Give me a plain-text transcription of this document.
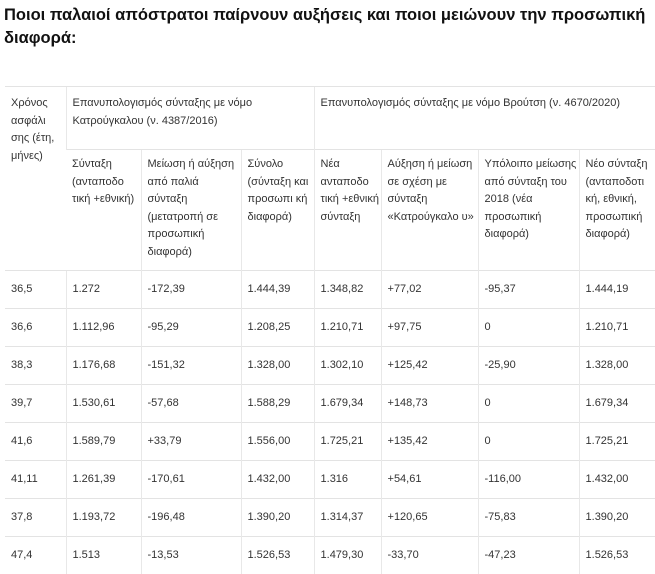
Ποιοι παλαιοί απόστρατοι παίρνουν αυξήσεις και ποιοι μειώνουν την προσωπική διαφορά:
Χρόνος ασφάλι σης (έτη, μήνες)	Επανυπολογισμός σύνταξης με νόμο Κατρούγκαλου (ν. 4387/2016)			Επανυπολογισμός σύνταξης με νόμο Βρούτση (ν. 4670/2020)			
	Σύνταξη (ανταποδο τική +εθνική)	Μείωση ή αύξηση από παλιά σύνταξη (μετατροπή σε προσωπική διαφορά)	Σύνολο (σύνταξη και προσωπι κή διαφορά)	Νέα ανταποδο τική +εθνική σύνταξη	Αύξηση ή μείωση σε σχέση με σύνταξη «Κατρούγκαλο υ»	Υπόλοιπο μείωσης από σύνταξη του 2018 (νέα προσωπική διαφορά)	Νέο σύνταξη (ανταποδοτι κή, εθνική, προσωπική διαφορά)
36,5	1.272	-172,39	1.444,39	1.348,82	+77,02	-95,37	1.444,19
36,6	1.112,96	-95,29	1.208,25	1.210,71	+97,75	0	1.210,71
38,3	1.176,68	-151,32	1.328,00	1.302,10	+125,42	-25,90	1.328,00
39,7	1.530,61	-57,68	1.588,29	1.679,34	+148,73	0	1.679,34
41,6	1.589,79	+33,79	1.556,00	1.725,21	+135,42	0	1.725,21
41,11	1.261,39	-170,61	1.432,00	1.316	+54,61	-116,00	1.432,00
37,8	1.193,72	-196,48	1.390,20	1.314,37	+120,65	-75,83	1.390,20
47,4	1.513	-13,53	1.526,53	1.479,30	-33,70	-47,23	1.526,53
